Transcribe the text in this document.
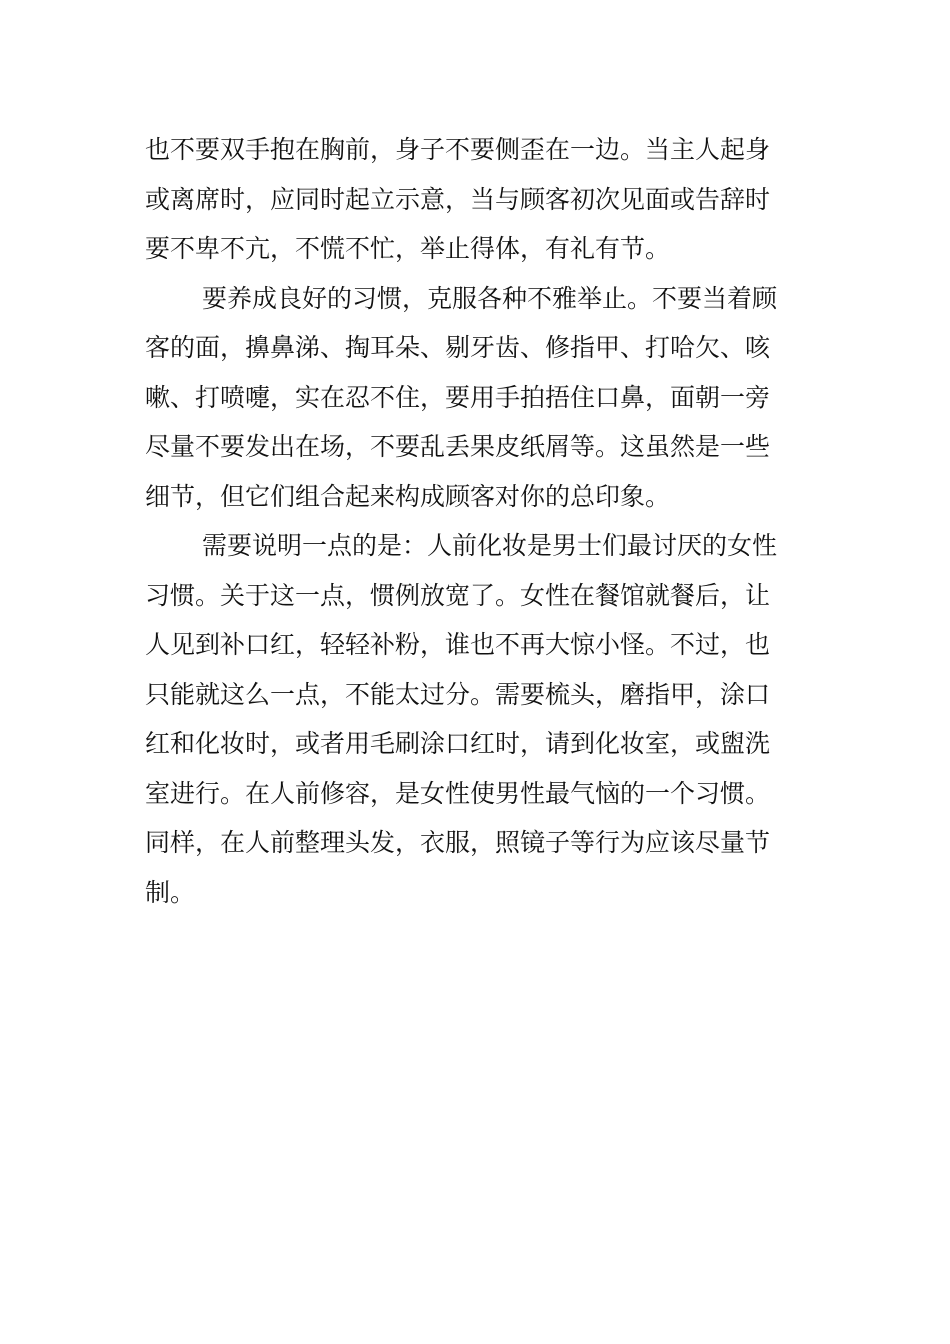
也不要双手抱在胸前，身子不要侧歪在一边。当主人起身
或离席时，应同时起立示意，当与顾客初次见面或告辞时
要不卑不亢，不慌不忙，举止得体，有礼有节。
要养成良好的习惯，克服各种不雅举止。不要当着顾
客的面，擤鼻涕、掏耳朵、剔牙齿、修指甲、打哈欠、咳
嗽、打喷嚏，实在忍不住，要用手拍捂住口鼻，面朝一旁
尽量不要发出在场，不要乱丢果皮纸屑等。这虽然是一些
细节，但它们组合起来构成顾客对你的总印象。
需要说明一点的是：人前化妆是男士们最讨厌的女性
习惯。关于这一点，惯例放宽了。女性在餐馆就餐后，让
人见到补口红，轻轻补粉，谁也不再大惊小怪。不过，也
只能就这么一点，不能太过分。需要梳头，磨指甲，涂口
红和化妆时，或者用毛刷涂口红时，请到化妆室，或盥洗
室进行。在人前修容，是女性使男性最气恼的一个习惯。
同样，在人前整理头发，衣服，照镜子等行为应该尽量节
制。
